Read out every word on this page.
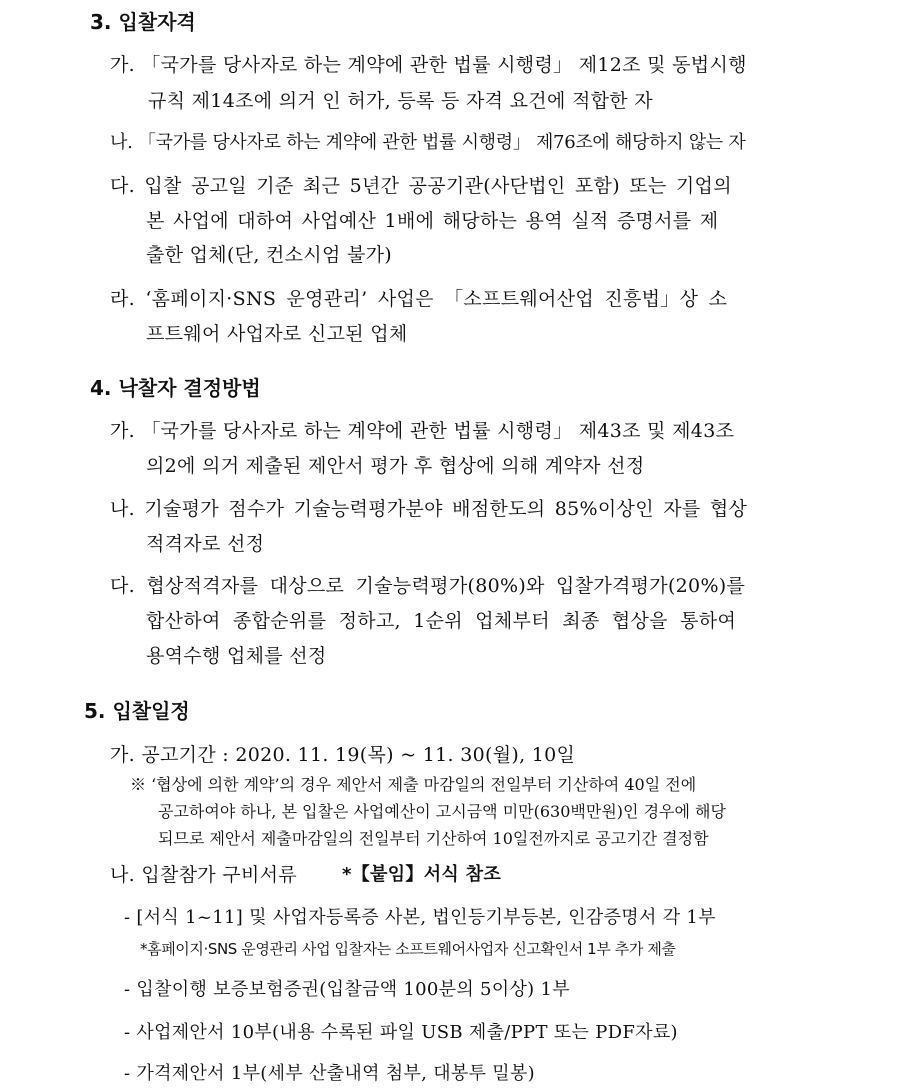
3. 입찰자격
가. 「국가를 당사자로 하는 계약에 관한 법률 시행령」 제12조 및 동법시행
규칙 제14조에 의거 인 허가, 등록 등 자격 요건에 적합한 자
나. 「국가를 당사자로 하는 계약에 관한 법률 시행령」 제76조에 해당하지 않는 자
다. 입찰 공고일 기준 최근 5년간 공공기관(사단법인 포함) 또는 기업의
본 사업에 대하여 사업예산 1배에 해당하는 용역 실적 증명서를 제
출한 업체(단, 컨소시엄 불가)
라. ‘홈페이지·SNS 운영관리’ 사업은 「소프트웨어산업 진흥법」상 소
프트웨어 사업자로 신고된 업체
4. 낙찰자 결정방법
가. 「국가를 당사자로 하는 계약에 관한 법률 시행령」 제43조 및 제43조
의2에 의거 제출된 제안서 평가 후 협상에 의해 계약자 선정
나. 기술평가 점수가 기술능력평가분야 배점한도의 85%이상인 자를 협상
적격자로 선정
다. 협상적격자를 대상으로 기술능력평가(80%)와 입찰가격평가(20%)를
합산하여 종합순위를 정하고, 1순위 업체부터 최종 협상을 통하여
용역수행 업체를 선정
5. 입찰일정
가. 공고기간 : 2020. 11. 19(목) ~ 11. 30(월), 10일
※ ‘협상에 의한 계약’의 경우 제안서 제출 마감일의 전일부터 기산하여 40일 전에
공고하여야 하나, 본 입찰은 사업예산이 고시금액 미만(630백만원)인 경우에 해당
되므로 제안서 제출마감일의 전일부터 기산하여 10일전까지로 공고기간 결정함
나. 입찰참가 구비서류	*【붙임】서식 참조
- [서식 1~11] 및 사업자등록증 사본, 법인등기부등본, 인감증명서 각 1부
*홈페이지·SNS 운영관리 사업 입찰자는 소프트웨어사업자 신고확인서 1부 추가 제출
- 입찰이행 보증보험증권(입찰금액 100분의 5이상) 1부
- 사업제안서 10부(내용 수록된 파일 USB 제출/PPT 또는 PDF자료)
- 가격제안서 1부(세부 산출내역 첨부, 대봉투 밀봉)
